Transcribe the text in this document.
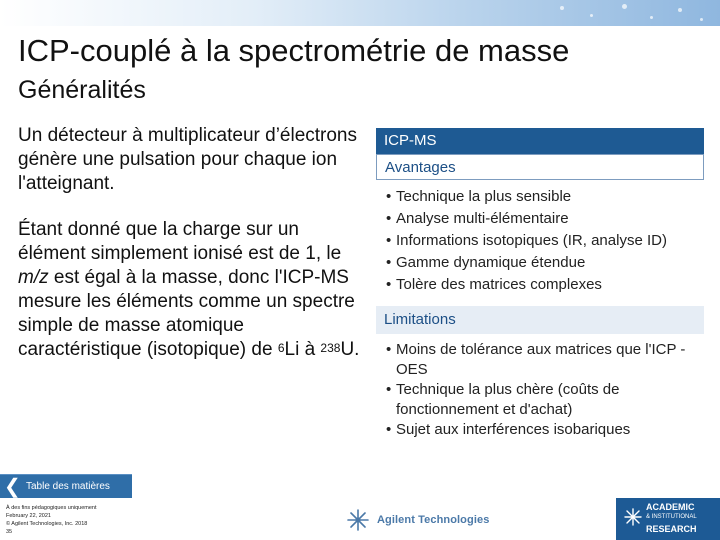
ICP-couplé à la spectrométrie de masse
Généralités

Un détecteur à multiplicateur d’électrons génère une pulsation pour chaque ion l'atteignant.

Étant donné que la charge sur un élément simplement ionisé est de 1, le m/z est égal à la masse, donc l'ICP-MS mesure les éléments comme un spectre simple de masse atomique caractéristique (isotopique) de $^6$Li à $^{238}$U.

ICP-MS
Avantages
• Technique la plus sensible
• Analyse multi-élémentaire
• Informations isotopiques (IR, analyse ID)
• Gamme dynamique étendue
• Tolère des matrices complexes
Limitations
• Moins de tolérance aux matrices que l'ICP -OES
• Technique la plus chère (coûts de fonctionnement et d'achat)
• Sujet aux interférences isobariques
❮ Table des matières
À des fins pédagogiques uniquement
February 22, 2021
© Agilent Technologies, Inc. 2018
35
Agilent Technologies
ACADEMIC
& INSTITUTIONAL
RESEARCH
